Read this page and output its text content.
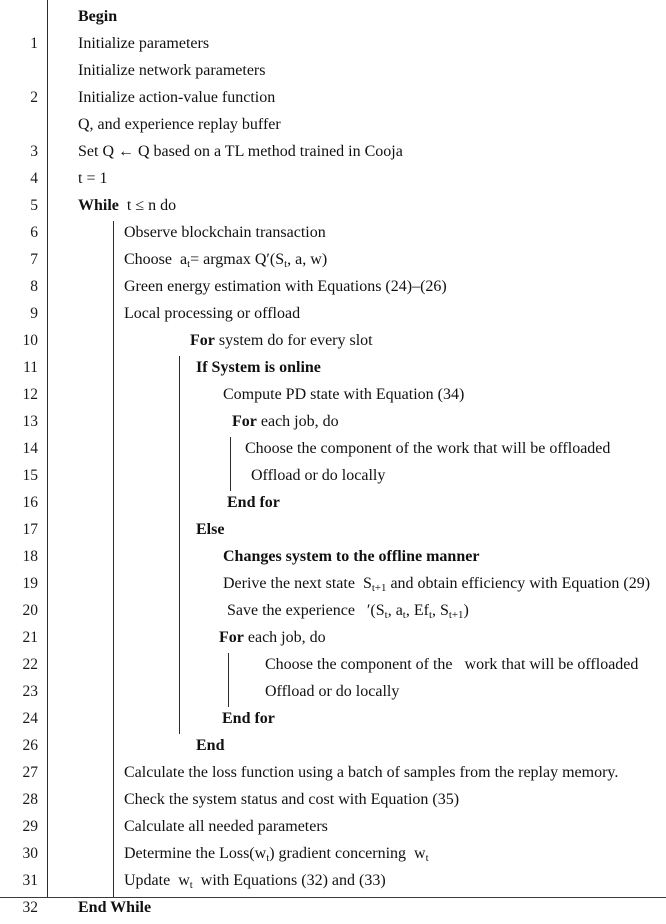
Begin
1	Initialize parameters
Initialize network parameters
2	Initialize action-value function
Q, and experience replay buffer
3	Set Q ← Q based on a TL method trained in Cooja
4	t = 1
5	While  t ≤ n do
6	Observe blockchain transaction
7	Choose  $a_t= argmax$ $Q'(S_t$, a, w)
8	Green energy estimation with Equations (24)–(26)
9	Local processing or offload
10	For system do for every slot
11	If System is online
12	Compute PD state with Equation (34)
13	For each job, do
14	Choose the component of the work that will be offloaded
15	Offload or do locally
16	End for
17	Else
18	Changes system to the offline manner
19	Derive the next state  $S_{t+1}$ and obtain efficiency with Equation (29)
20	Save the experience   $'(S_t$, $a_t$, $Ef_t$, $S_{t+1}$)
21	For each job, do
22	Choose the component of the   work that will be offloaded
23	Offload or do locally
24	End for
26	End
27	Calculate the loss function using a batch of samples from the replay memory.
28	Check the system status and cost with Equation (35)
29	Calculate all needed parameters
30	Determine the $Loss(w_t)$ gradient concerning  $w_t$
31	Update  $w_t$  with Equations (32) and (33)
32	End While
